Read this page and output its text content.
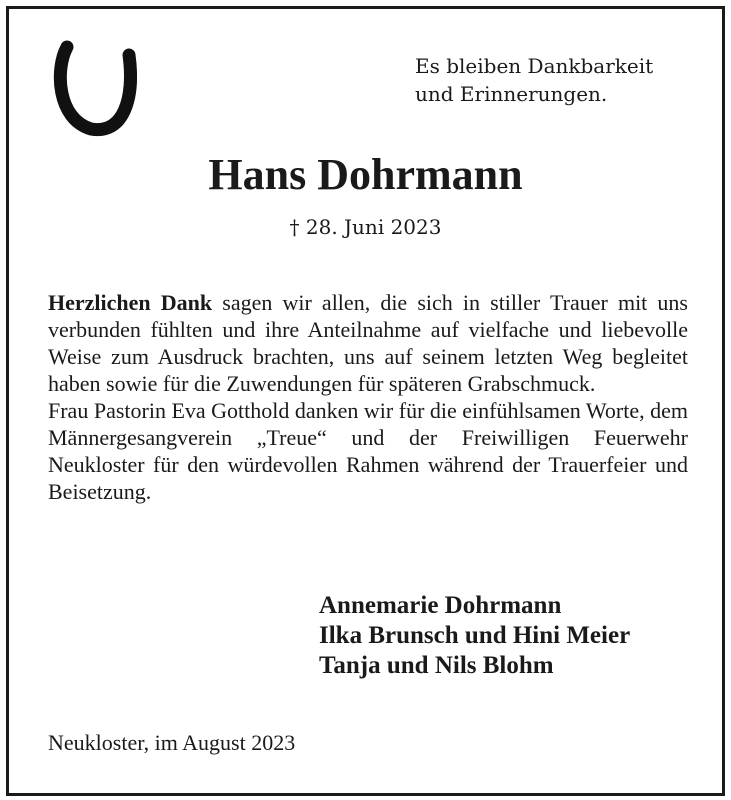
Es bleiben Dankbarkeit
und Erinnerungen.
Hans Dohrmann
† 28. Juni 2023

Herzlichen Dank sagen wir allen, die sich in stiller Trauer mit uns verbunden fühlten und ihre Anteilnahme auf vielfache und liebevolle Weise zum Ausdruck brachten, uns auf seinem letzten Weg begleitet haben sowie für die Zuwendungen für späteren Grabschmuck.

Frau Pastorin Eva Gotthold danken wir für die einfühlsamen Worte, dem Männergesangverein „Treue“ und der Freiwilligen Feuerwehr Neukloster für den würdevollen Rahmen während der Trauerfeier und Beisetzung.

Annemarie Dohrmann
Ilka Brunsch und Hini Meier
Tanja und Nils Blohm
Neukloster, im August 2023
